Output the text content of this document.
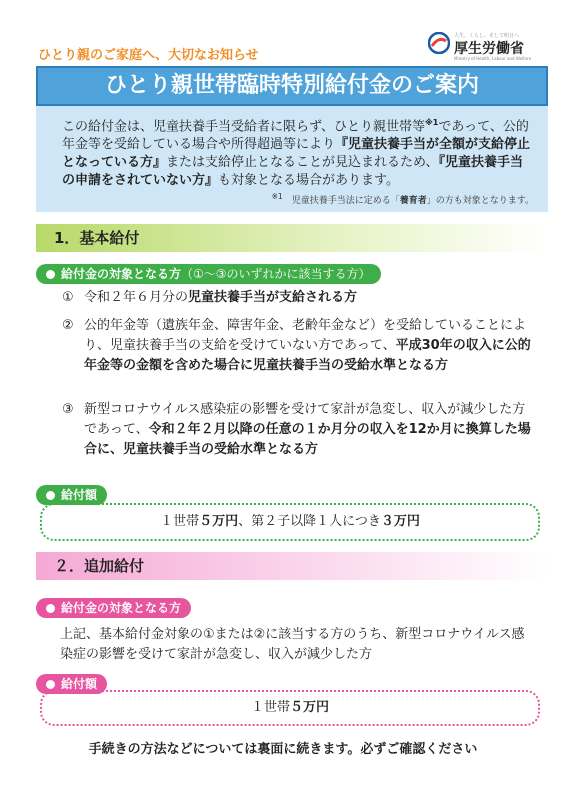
ひとり親のご家庭へ、大切なお知らせ
人生、くらし、そして明日へ
厚生労働省
Ministry of Health, Labour and Welfare
ひとり親世帯臨時特別給付金のご案内
この給付金は、児童扶養手当受給者に限らず、ひとり親世帯等$^{※1}$であって、公的年金等を受給している場合や所得超過等により『児童扶養手当が全額が支給停止となっている方』または支給停止となることが見込まれるため、『児童扶養手当の申請をされていない方』も対象となる場合があります。
$^{※1}$　 児童扶養手当法に定める「養育者」の方も対象となります。
1．基本給付
給付金の対象となる方（①～③のいずれかに該当する方）
① 令和２年６月分の児童扶養手当が支給される方
② 公的年金等（遺族年金、障害年金、老齢年金など）を受給していることにより、児童扶養手当の支給を受けていない方であって、平成30年の収入に公的年金等の金額を含めた場合に児童扶養手当の受給水準となる方
③ 新型コロナウイルス感染症の影響を受けて家計が急変し、収入が減少した方であって、令和２年２月以降の任意の１か月分の収入を12か月に換算した場合に、児童扶養手当の受給水準となる方
給付額
１世帯５万円、第２子以降１人につき３万円
２．追加給付
給付金の対象となる方
上記、基本給付金対象の①または②に該当する方のうち、新型コロナウイルス感染症の影響を受けて家計が急変し、収入が減少した方
給付額
１世帯５万円
手続きの方法などについては裏面に続きます。必ずご確認ください
